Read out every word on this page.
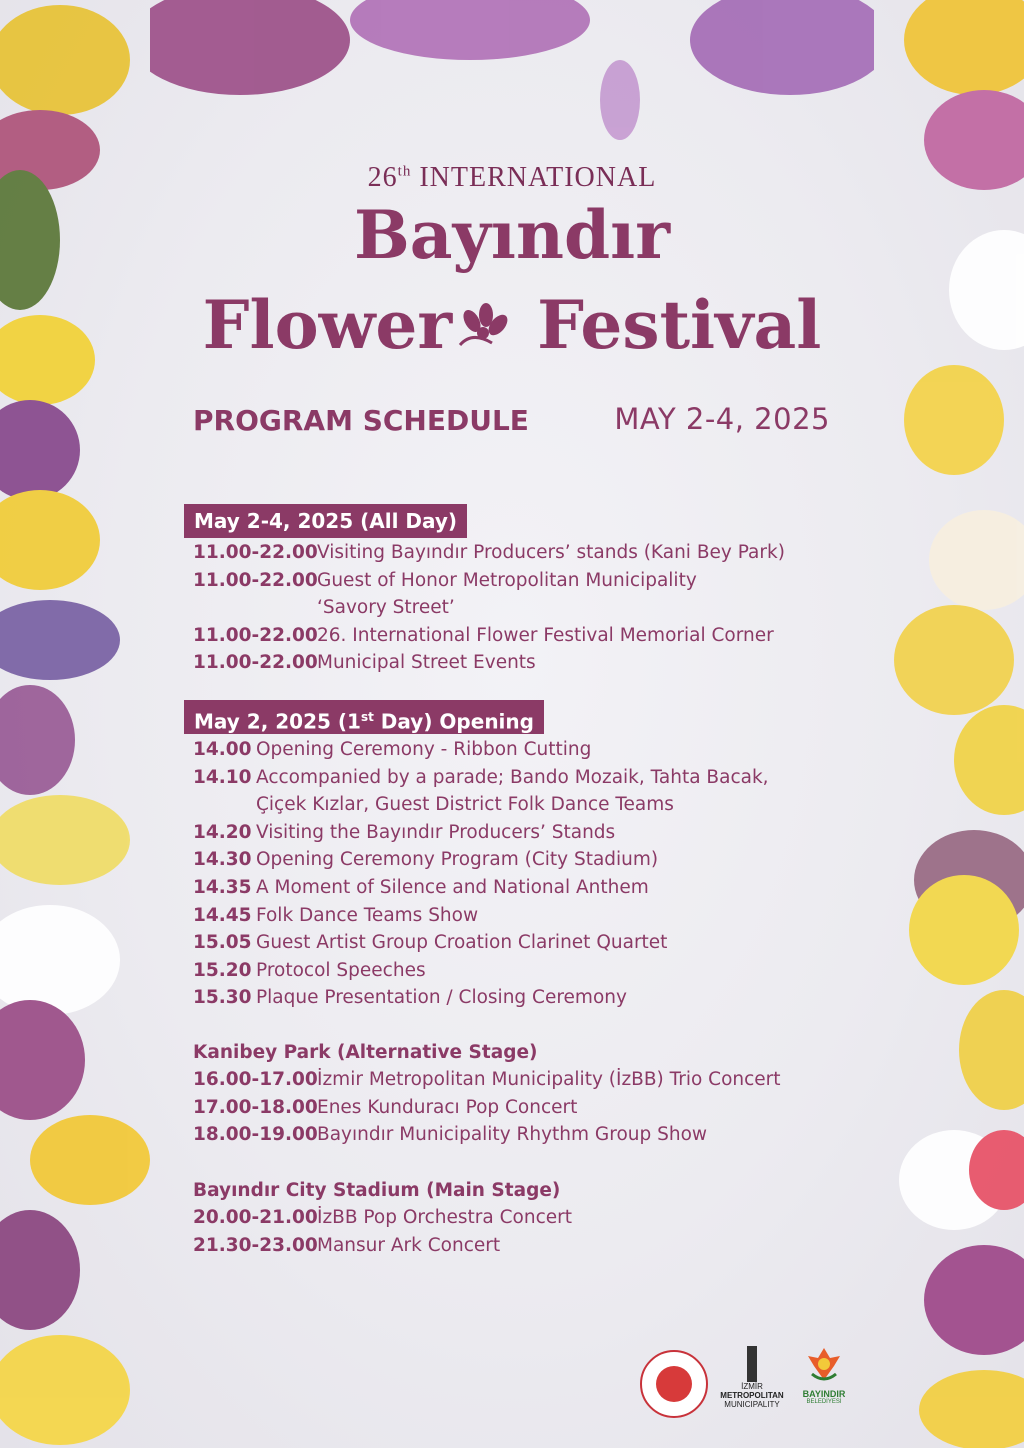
26th INTERNATIONAL
Bayındır
Flower Festival
PROGRAM SCHEDULE	MAY 2-4, 2025
May 2-4, 2025 (All Day)
11.00-22.00 Visiting Bayındır Producers’ stands (Kani Bey Park)
11.00-22.00 Guest of Honor Metropolitan Municipality
‘Savory Street’
11.00-22.00 26. International Flower Festival Memorial Corner
11.00-22.00 Municipal Street Events
May 2, 2025 (1st Day) Opening
14.00 Opening Ceremony - Ribbon Cutting
14.10 Accompanied by a parade; Bando Mozaik, Tahta Bacak,
Çiçek Kızlar, Guest District Folk Dance Teams
14.20 Visiting the Bayındır Producers’ Stands
14.30 Opening Ceremony Program (City Stadium)
14.35 A Moment of Silence and National Anthem
14.45 Folk Dance Teams Show
15.05 Guest Artist Group Croation Clarinet Quartet
15.20 Protocol Speeches
15.30 Plaque Presentation / Closing Ceremony
Kanibey Park (Alternative Stage)
16.00-17.00 İzmir Metropolitan Municipality (İzBB) Trio Concert
17.00-18.00 Enes Kunduracı Pop Concert
18.00-19.00 Bayındır Municipality Rhythm Group Show
Bayındır City Stadium (Main Stage)
20.00-21.00 İzBB Pop Orchestra Concert
21.30-23.00 Mansur Ark Concert
İZMİR
METROPOLITAN
MUNICIPALITY
BAYINDIR
BELEDİYESİ
